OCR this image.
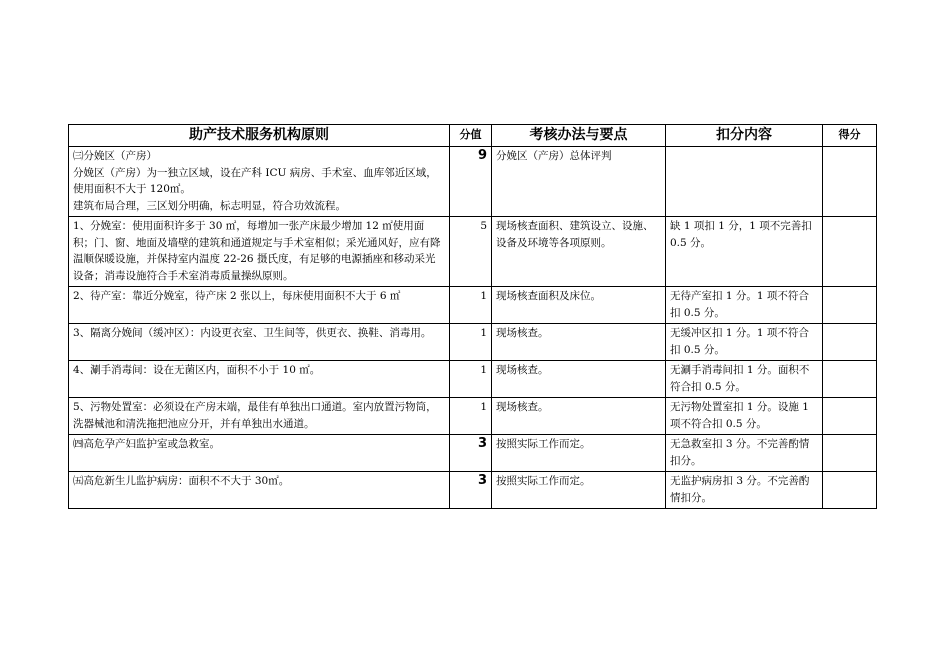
助产技术服务机构原则	分值	考核办法与要点	扣分内容	得分

㈢分娩区（产房）
分娩区（产房）为一独立区域，设在产科 ICU 病房、手术室、血库邻近区域，使用面积不大于 120㎡。
建筑布局合理，三区划分明确，标志明显，符合功效流程。	9	分娩区（产房）总体评判		

1、分娩室：使用面积许多于 30 ㎡，每增加一张产床最少增加 12 ㎡使用面积；门、窗、地面及墙壁的建筑和通道规定与手术室相似；采光通风好，应有降温顺保暖设施，并保持室内温度 22-26 摄氏度，有足够的电源插座和移动采光设备；消毒设施符合手术室消毒质量操纵原则。	5	现场核查面积、建筑设立、设施、设备及环境等各项原则。	缺 1 项扣 1 分，1 项不完善扣 0.5 分。	

2、待产室：靠近分娩室，待产床 2 张以上，每床使用面积不大于 6 ㎡	1	现场核查面积及床位。	无待产室扣 1 分。1 项不符合扣 0.5 分。	

3、隔离分娩间（缓冲区）：内设更衣室、卫生间等，供更衣、换鞋、消毒用。	1	现场核查。	无缓冲区扣 1 分。1 项不符合扣 0.5 分。	

4、涮手消毒间：设在无菌区内，面积不小于 10 ㎡。	1	现场核查。	无涮手消毒间扣 1 分。面积不符合扣 0.5 分。	

5、污物处置室：必须设在产房末端，最佳有单独出口通道。室内放置污物筒，洗器械池和清洗拖把池应分开，并有单独出水通道。	1	现场核查。	无污物处置室扣 1 分。设施 1 项不符合扣 0.5 分。	

㈣高危孕产妇监护室或急救室。	3	按照实际工作而定。	无急救室扣 3 分。不完善酌情扣分。	

㈤高危新生儿监护病房：面积不不大于 30㎡。	3	按照实际工作而定。	无监护病房扣 3 分。不完善酌情扣分。	
